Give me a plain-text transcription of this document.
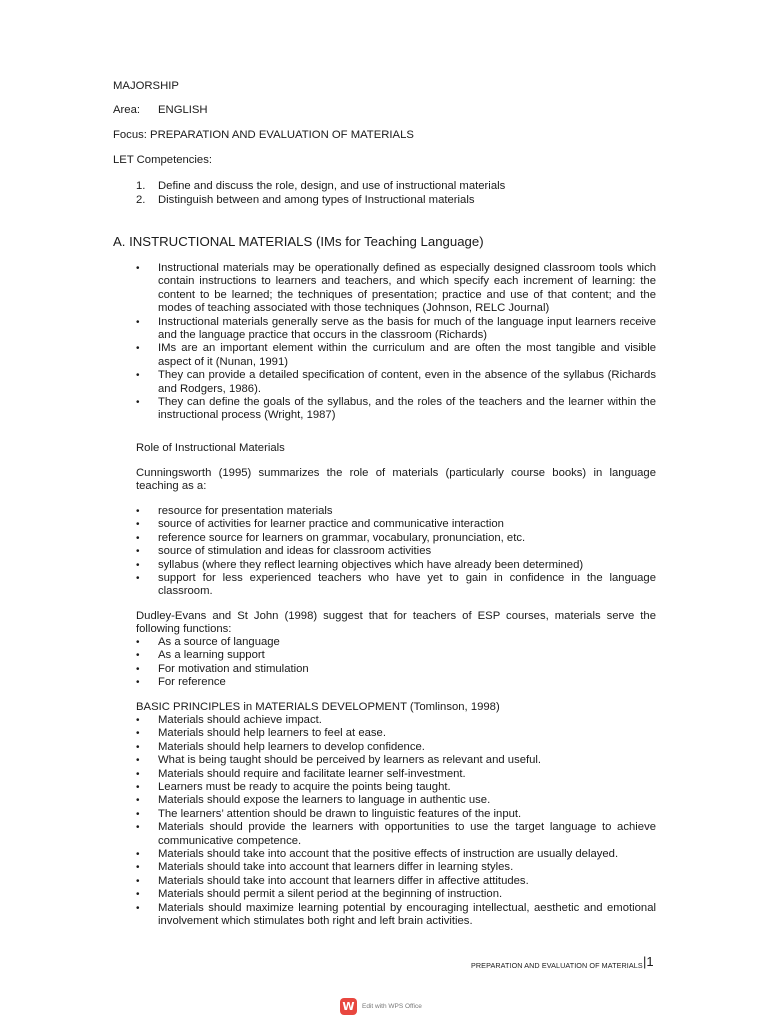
MAJORSHIP
Area: ENGLISH
Focus: PREPARATION AND EVALUATION OF MATERIALS
LET Competencies:
1.	Define and discuss the role, design, and use of instructional materials
2.	Distinguish between and among types of Instructional materials
A. INSTRUCTIONAL MATERIALS (IMs for Teaching Language)
• Instructional materials may be operationally defined as especially designed classroom tools which contain instructions to learners and teachers, and which specify each increment of learning: the content to be learned; the techniques of presentation; practice and use of that content; and the modes of teaching associated with those techniques (Johnson, RELC Journal)
• Instructional materials generally serve as the basis for much of the language input learners receive and the language practice that occurs in the classroom (Richards)
• IMs are an important element within the curriculum and are often the most tangible and visible aspect of it (Nunan, 1991)
• They can provide a detailed specification of content, even in the absence of the syllabus (Richards and Rodgers, 1986).
• They can define the goals of the syllabus, and the roles of the teachers and the learner within the instructional process (Wright, 1987)
Role of Instructional Materials
Cunningsworth (1995) summarizes the role of materials (particularly course books) in language teaching as a:
• resource for presentation materials
• source of activities for learner practice and communicative interaction
• reference source for learners on grammar, vocabulary, pronunciation, etc.
• source of stimulation and ideas for classroom activities
• syllabus (where they reflect learning objectives which have already been determined)
• support for less experienced teachers who have yet to gain in confidence in the language classroom.
Dudley-Evans and St John (1998) suggest that for teachers of ESP courses, materials serve the following functions:
• As a source of language
• As a learning support
• For motivation and stimulation
• For reference
BASIC PRINCIPLES in MATERIALS DEVELOPMENT (Tomlinson, 1998)
• Materials should achieve impact.
• Materials should help learners to feel at ease.
• Materials should help learners to develop confidence.
• What is being taught should be perceived by learners as relevant and useful.
• Materials should require and facilitate learner self-investment.
• Learners must be ready to acquire the points being taught.
• Materials should expose the learners to language in authentic use.
• The learners’ attention should be drawn to linguistic features of the input.
• Materials should provide the learners with opportunities to use the target language to achieve communicative competence.
• Materials should take into account that the positive effects of instruction are usually delayed.
• Materials should take into account that learners differ in learning styles.
• Materials should take into account that learners differ in affective attitudes.
• Materials should permit a silent period at the beginning of instruction.
• Materials should maximize learning potential by encouraging intellectual, aesthetic and emotional involvement which stimulates both right and left brain activities.
PREPARATION AND EVALUATION OF MATERIALS |1
W	Edit with WPS Office
